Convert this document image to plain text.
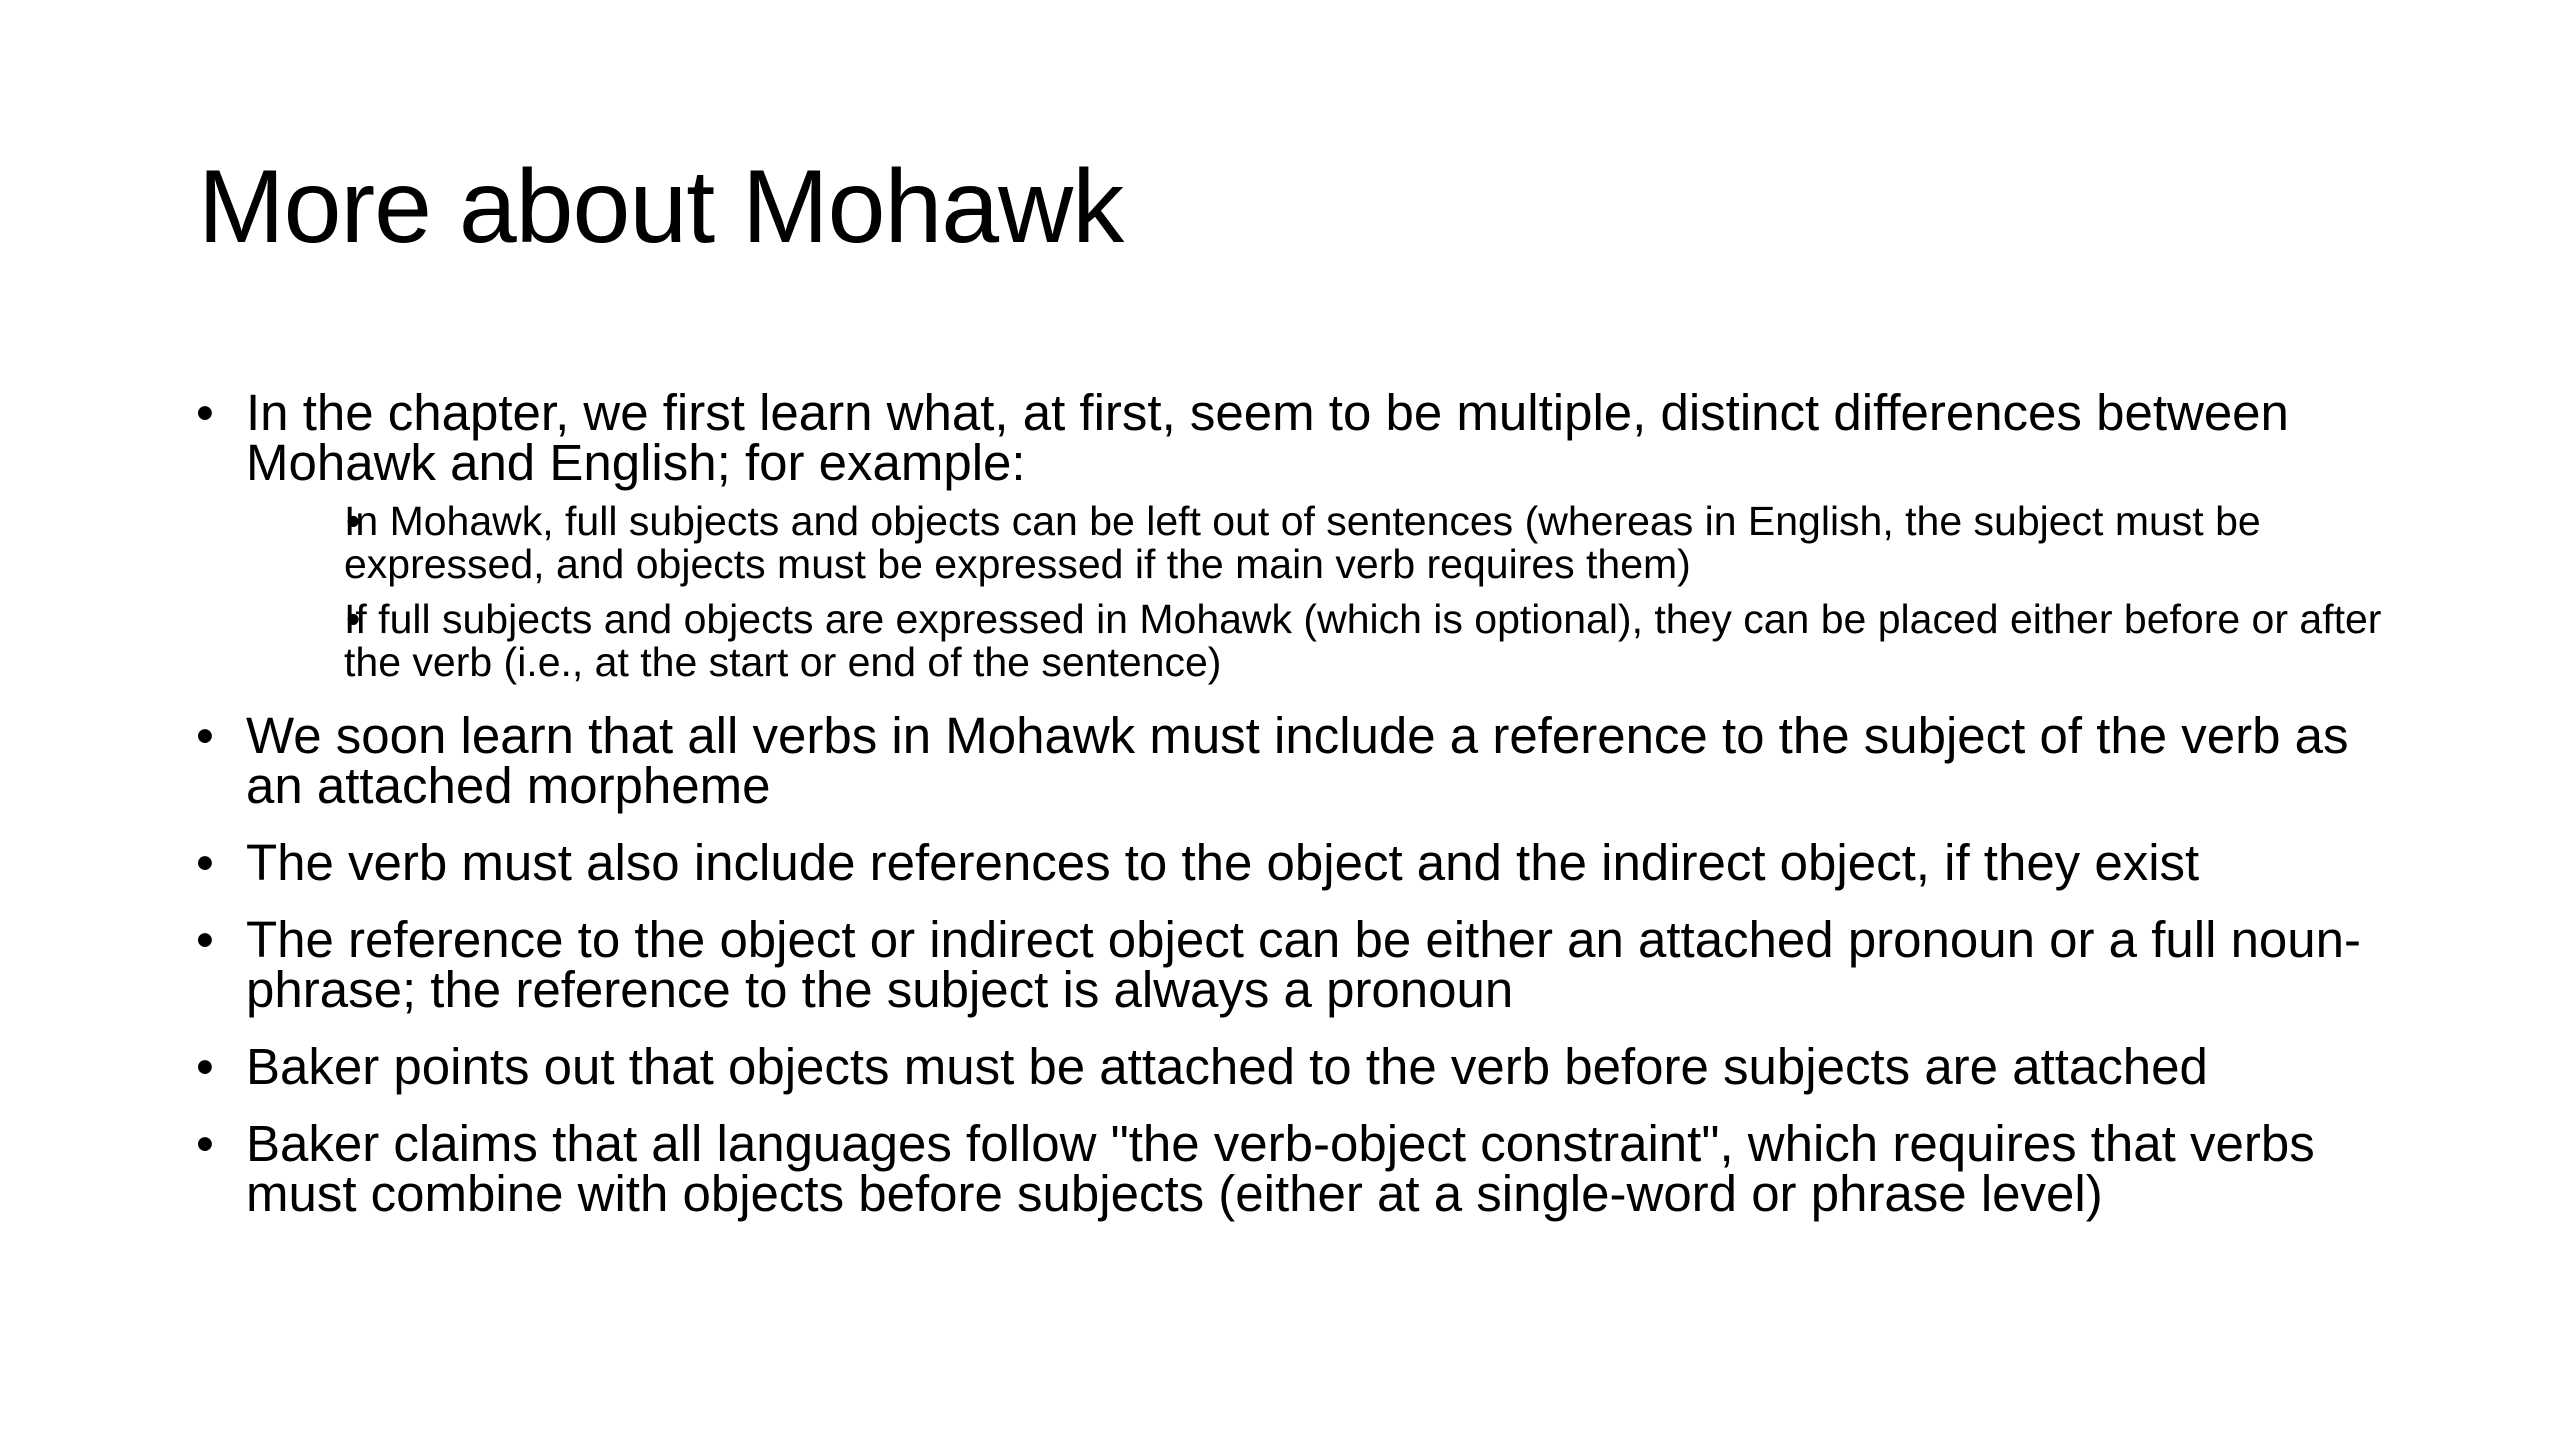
More about Mohawk
• In the chapter, we first learn what, at first, seem to be multiple, distinct differences between Mohawk and English; for example:
• In Mohawk, full subjects and objects can be left out of sentences (whereas in English, the subject must be expressed, and objects must be expressed if the main verb requires them)
• If full subjects and objects are expressed in Mohawk (which is optional), they can be placed either before or after the verb (i.e., at the start or end of the sentence)
• We soon learn that all verbs in Mohawk must include a reference to the subject of the verb as an attached morpheme
• The verb must also include references to the object and the indirect object, if they exist
• The reference to the object or indirect object can be either an attached pronoun or a full noun-phrase; the reference to the subject is always a pronoun
• Baker points out that objects must be attached to the verb before subjects are attached
• Baker claims that all languages follow "the verb-object constraint", which requires that verbs must combine with objects before subjects (either at a single-word or phrase level)
